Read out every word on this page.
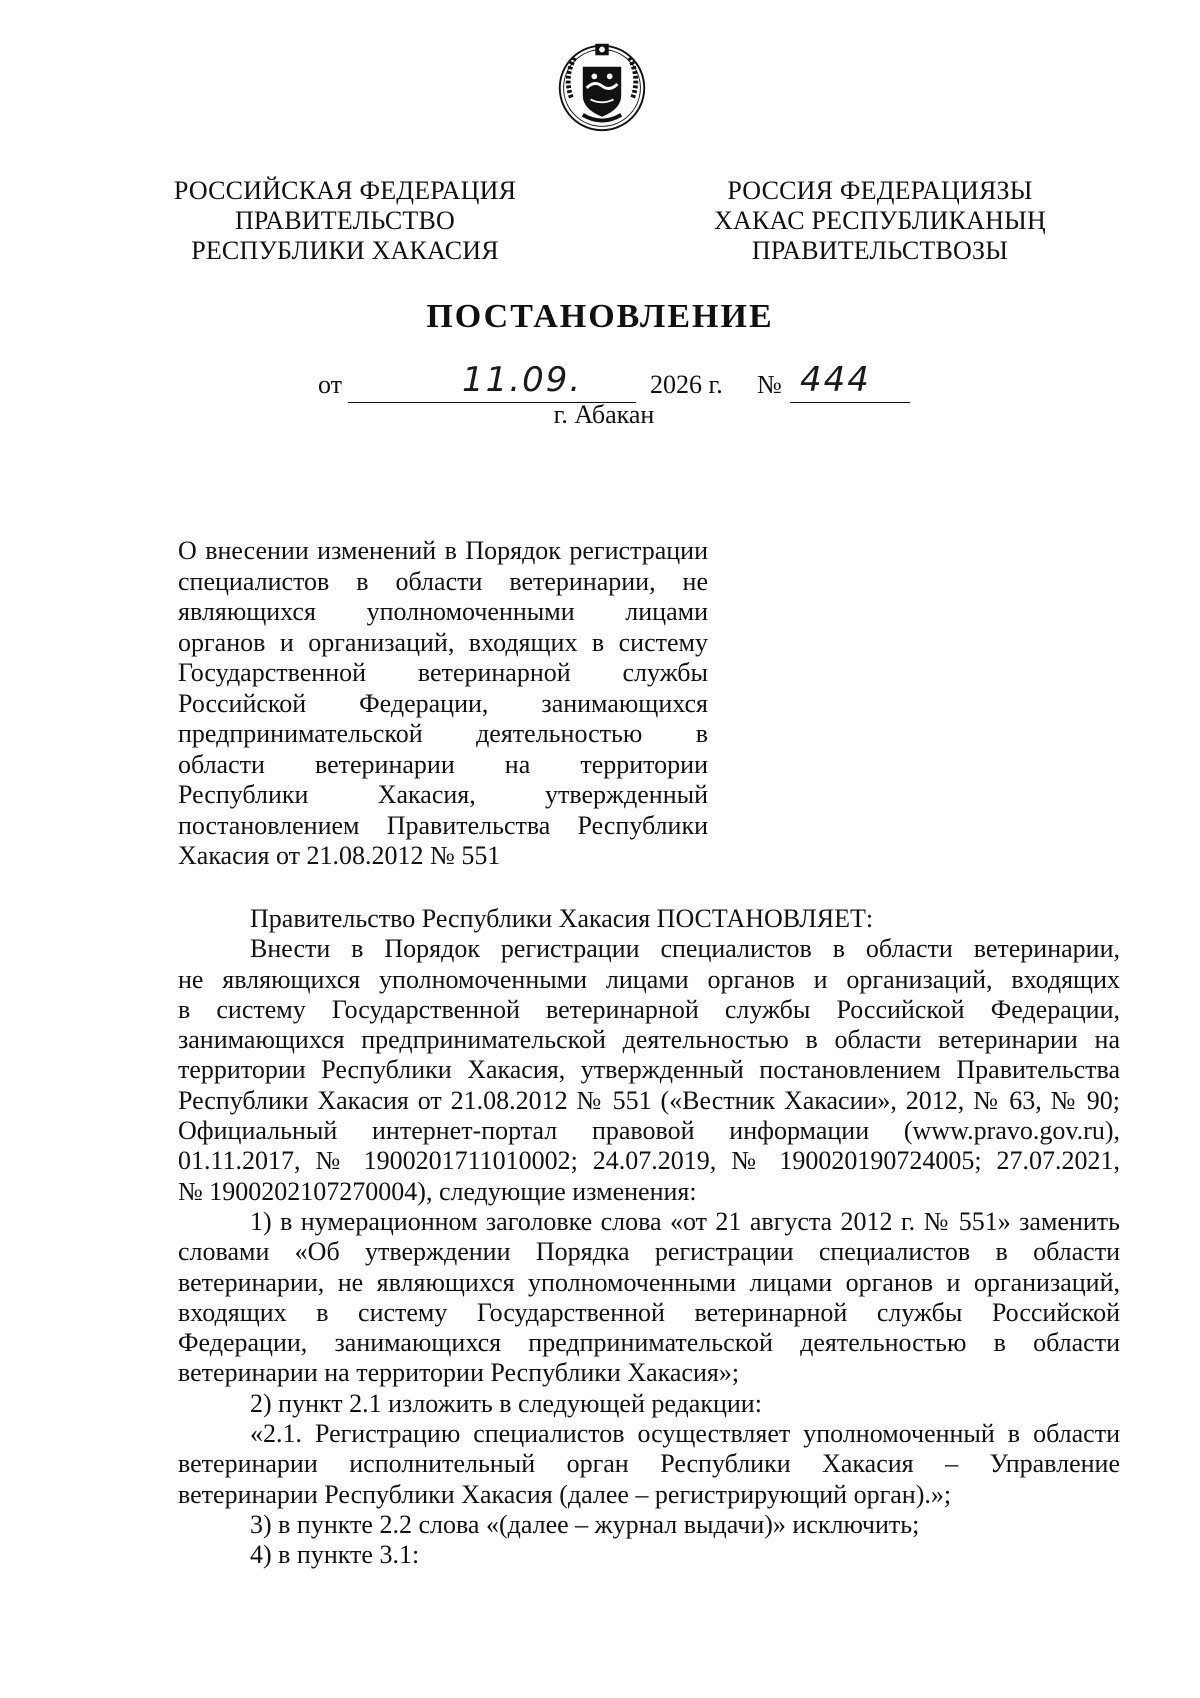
РОССИЙСКАЯ ФЕДЕРАЦИЯ
ПРАВИТЕЛЬСТВО
РЕСПУБЛИКИ ХАКАСИЯ
РОССИЯ ФЕДЕРАЦИЯЗЫ
ХАКАС РЕСПУБЛИКАНЫҢ
ПРАВИТЕЛЬСТВОЗЫ
ПОСТАНОВЛЕНИЕ
от	11.09.	2026 г. № 444
г. Абакан
О внесении изменений в Порядок регистрации
специалистов в области ветеринарии, не
являющихся уполномоченными лицами
органов и организаций, входящих в систему
Государственной ветеринарной службы
Российской Федерации, занимающихся
предпринимательской деятельностью в
области ветеринарии на территории
Республики Хакасия, утвержденный
постановлением Правительства Республики
Хакасия от 21.08.2012 № 551
Правительство Республики Хакасия ПОСТАНОВЛЯЕТ:
Внести в Порядок регистрации специалистов в области ветеринарии,
не являющихся уполномоченными лицами органов и организаций, входящих
в систему Государственной ветеринарной службы Российской Федерации,
занимающихся предпринимательской деятельностью в области ветеринарии на
территории Республики Хакасия, утвержденный постановлением Правительства
Республики Хакасия от 21.08.2012 № 551 («Вестник Хакасии», 2012, № 63, № 90;
Официальный интернет-портал правовой информации (www.pravo.gov.ru),
01.11.2017, № 1900201711010002; 24.07.2019, № 190020190724005; 27.07.2021,
№ 1900202107270004), следующие изменения:
1) в нумерационном заголовке слова «от 21 августа 2012 г. № 551» заменить
словами «Об утверждении Порядка регистрации специалистов в области
ветеринарии, не являющихся уполномоченными лицами органов и организаций,
входящих в систему Государственной ветеринарной службы Российской
Федерации, занимающихся предпринимательской деятельностью в области
ветеринарии на территории Республики Хакасия»;
2) пункт 2.1 изложить в следующей редакции:
«2.1. Регистрацию специалистов осуществляет уполномоченный в области
ветеринарии исполнительный орган Республики Хакасия – Управление
ветеринарии Республики Хакасия (далее – регистрирующий орган).»;
3) в пункте 2.2 слова «(далее – журнал выдачи)» исключить;
4) в пункте 3.1:
